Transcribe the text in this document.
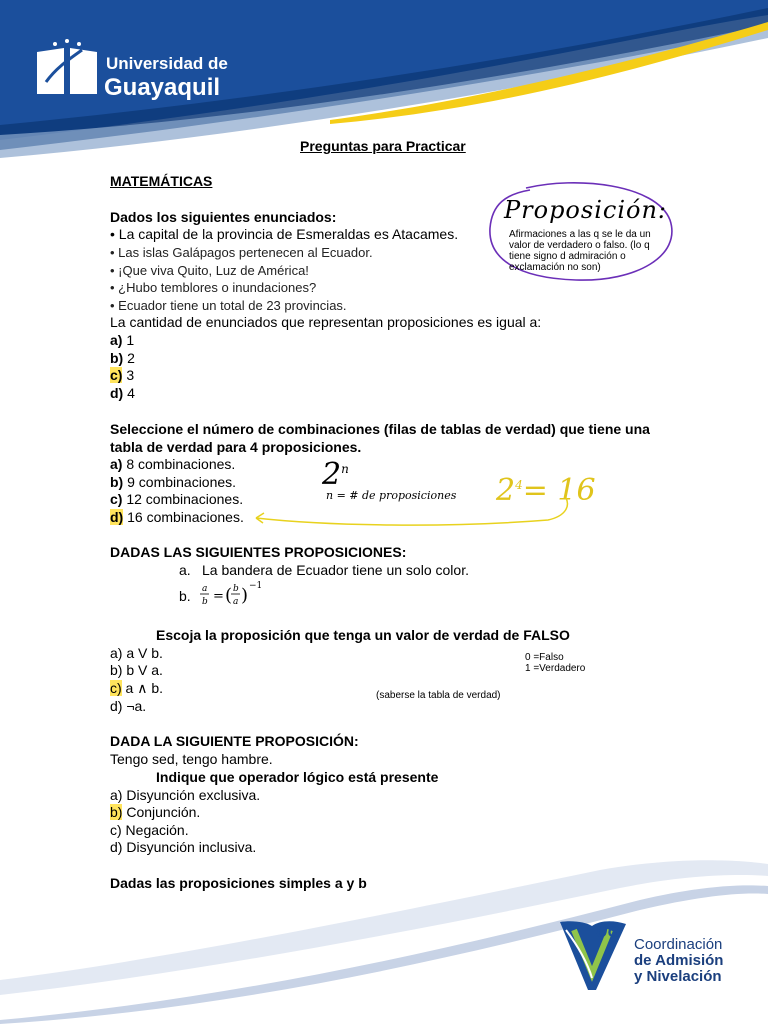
Universidad de
Guayaquil
Preguntas para Practicar
MATEMÁTICAS
Dados los siguientes enunciados:
• La capital de la provincia de Esmeraldas es Atacames.
• Las islas Galápagos pertenecen al Ecuador.
• ¡Que viva Quito, Luz de América!
• ¿Hubo temblores o inundaciones?
• Ecuador tiene un total de 23 provincias.
La cantidad de enunciados que representan proposiciones es igual a:
a) 1
b) 2
c) 3
d) 4
Proposición:
Afirmaciones a las q se le da un
valor de verdadero o falso. (lo q
tiene signo d admiración o
exclamación no son)
Seleccione el número de combinaciones (filas de tablas de verdad) que tiene una
tabla de verdad para 4 proposiciones.
a) 8 combinaciones.
b) 9 combinaciones.
c) 12 combinaciones.
d) 16 combinaciones.
2$^n$
n = # de proposiciones $2^4= 16$
DADAS LAS SIGUIENTES PROPOSICIONES:
a. La bandera de Ecuador tiene un solo color.
b. a
b = ( b
a ) −1
Escoja la proposición que tenga un valor de verdad de FALSO
a) a V b.
b) b V a.
c) a ∧ b.
d) ¬a.
0 =Falso
1 =Verdadero
(saberse la tabla de verdad)
DADA LA SIGUIENTE PROPOSICIÓN:
Tengo sed, tengo hambre.
Indique que operador lógico está presente
a) Disyunción exclusiva.
b) Conjunción.
c) Negación.
d) Disyunción inclusiva.
Dadas las proposiciones simples a y b
UG
Coordinación
de Admisión
y Nivelación
